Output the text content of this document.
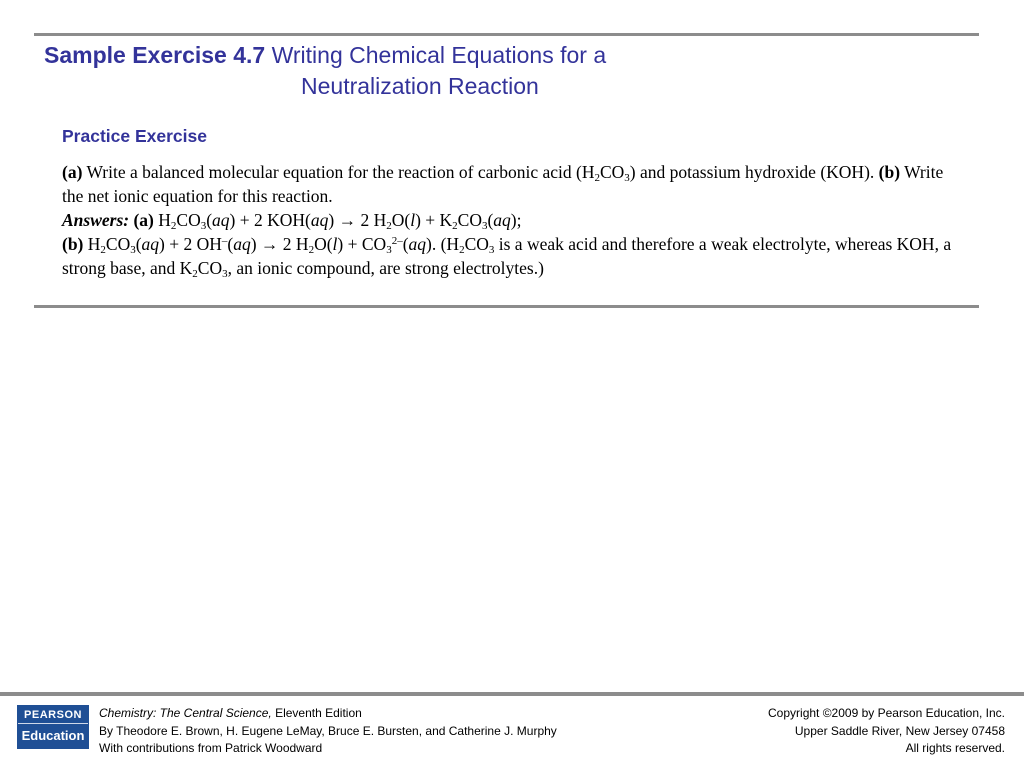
Sample Exercise 4.7 Writing Chemical Equations for a
Neutralization Reaction
Practice Exercise

(a) Write a balanced molecular equation for the reaction of carbonic acid $(H_2CO_3)$ and potassium hydroxide (KOH). (b) Write the net ionic equation for this reaction.

Answers: (a) $H_2CO_3(aq) + 2$ KOH(aq) → 2 $H_2O(l) + K_2CO_3(aq)$;

(b) $H_2CO_3(aq) + 2$ OH–(aq) → 2 $H_2O(l) + CO_3^{2-}(aq)$. ($H_2CO_3$ is a weak acid and therefore a weak electrolyte, whereas KOH, a strong base, and $K_2CO_3$, an ionic compound, are strong electrolytes.)

PEARSON
Education
Chemistry: The Central Science, Eleventh Edition
By Theodore E. Brown, H. Eugene LeMay, Bruce E. Bursten, and Catherine J. Murphy
With contributions from Patrick Woodward
Copyright ©2009 by Pearson Education, Inc.
Upper Saddle River, New Jersey 07458
All rights reserved.
